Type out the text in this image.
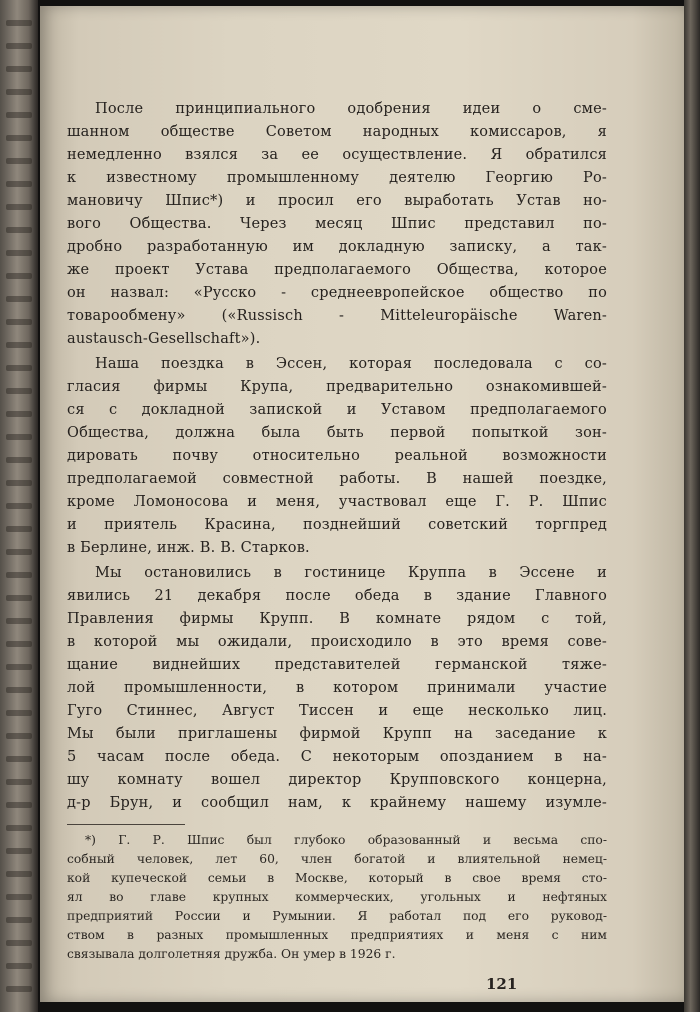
После принципиального одобрения идеи о сме-
шанном обществе Советом народных комиссаров, я
немедленно взялся за ее осуществление. Я обратился
к известному промышленному деятелю Георгию Ро-
мановичу Шпис*) и просил его выработать Устав но-
вого Общества. Через месяц Шпис представил по-
дробно разработанную им докладную записку, а так-
же проект Устава предполагаемого Общества, которое
он назвал: «Русско - среднеевропейское общество по
товарообмену» («Russisch - Mitteleuropäische Waren-
austausch-Gesellschaft»).
Наша поездка в Эссен, которая последовала с со-
гласия фирмы Крупа, предварительно ознакомившей-
ся с докладной запиской и Уставом предполагаемого
Общества, должна была быть первой попыткой зон-
дировать почву относительно реальной возможности
предполагаемой совместной работы. В нашей поездке,
кроме Ломоносова и меня, участвовал еще Г. Р. Шпис
и приятель Красина, позднейший советский торгпред
в Берлине, инж. В. В. Старков.
Мы остановились в гостинице Круппа в Эссене и
явились 21 декабря после обеда в здание Главного
Правления фирмы Крупп. В комнате рядом с той,
в которой мы ожидали, происходило в это время сове-
щание виднейших представителей германской тяже-
лой промышленности, в котором принимали участие
Гуго Стиннес, Август Тиссен и еще несколько лиц.
Мы были приглашены фирмой Крупп на заседание к
5 часам после обеда. С некоторым опозданием в на-
шу комнату вошел директор Крупповского концерна,
д-р Брун, и сообщил нам, к крайнему нашему изумле-
*) Г. Р. Шпис был глубоко образованный и весьма спо-
собный человек, лет 60, член богатой и влиятельной немец-
кой купеческой семьи в Москве, который в свое время сто-
ял во главе крупных коммерческих, угольных и нефтяных
предприятий России и Румынии. Я работал под его руковод-
ством в разных промышленных предприятиях и меня с ним
связывала долголетняя дружба. Он умер в 1926 г.
121
